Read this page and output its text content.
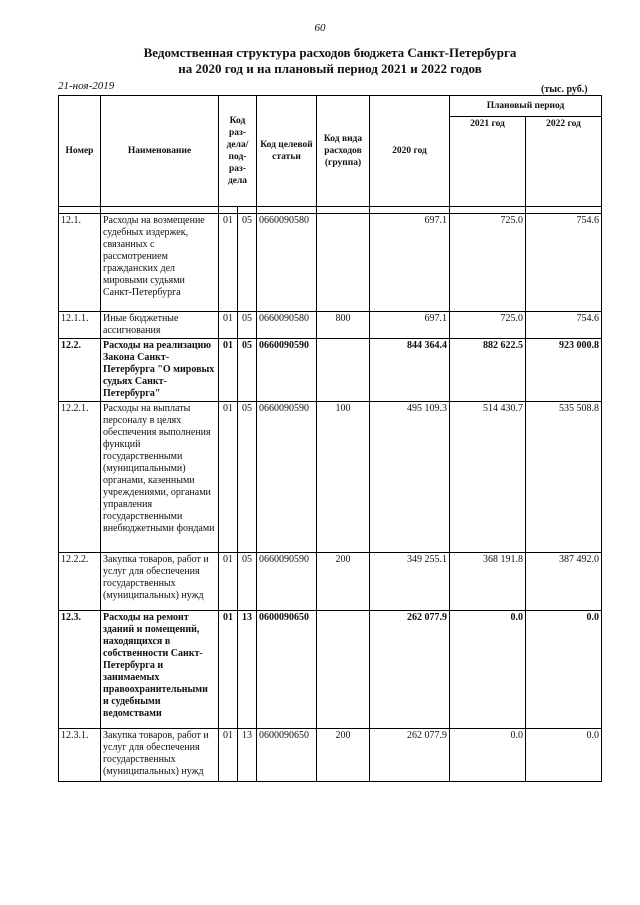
60
Ведомственная структура расходов бюджета Санкт-Петербурга
на 2020 год и на плановый период 2021 и 2022 годов
21-ноя-2019	(тыс. руб.)
Номер	Наименование	Код раз-дела/ под-раз-дела		Код целевой статьи	Код вида расходов (группа)	2020 год	Плановый период	
							2021 год	2022 год

12.1.	Расходы на возмещение судебных издержек, связанных с рассмотрением гражданских дел мировыми судьями Санкт-Петербурга	01	05	0660090580		697.1	725.0	754.6
12.1.1.	Иные бюджетные ассигнования	01	05	0660090580	800	697.1	725.0	754.6
12.2.	Расходы на реализацию Закона Санкт-Петербурга "О мировых судьях Санкт-Петербурга"	01	05	0660090590		844 364.4	882 622.5	923 000.8
12.2.1.	Расходы на выплаты персоналу в целях обеспечения выполнения функций государственными (муниципальными) органами, казенными учреждениями, органами управления государственными внебюджетными фондами	01	05	0660090590	100	495 109.3	514 430.7	535 508.8
12.2.2.	Закупка товаров, работ и услуг для обеспечения государственных (муниципальных) нужд	01	05	0660090590	200	349 255.1	368 191.8	387 492.0
12.3.	Расходы на ремонт зданий и помещений, находящихся в собственности Санкт-Петербурга и занимаемых правоохранительными и судебными ведомствами	01	13	0600090650		262 077.9	0.0	0.0
12.3.1.	Закупка товаров, работ и услуг для обеспечения государственных (муниципальных) нужд	01	13	0600090650	200	262 077.9	0.0	0.0
